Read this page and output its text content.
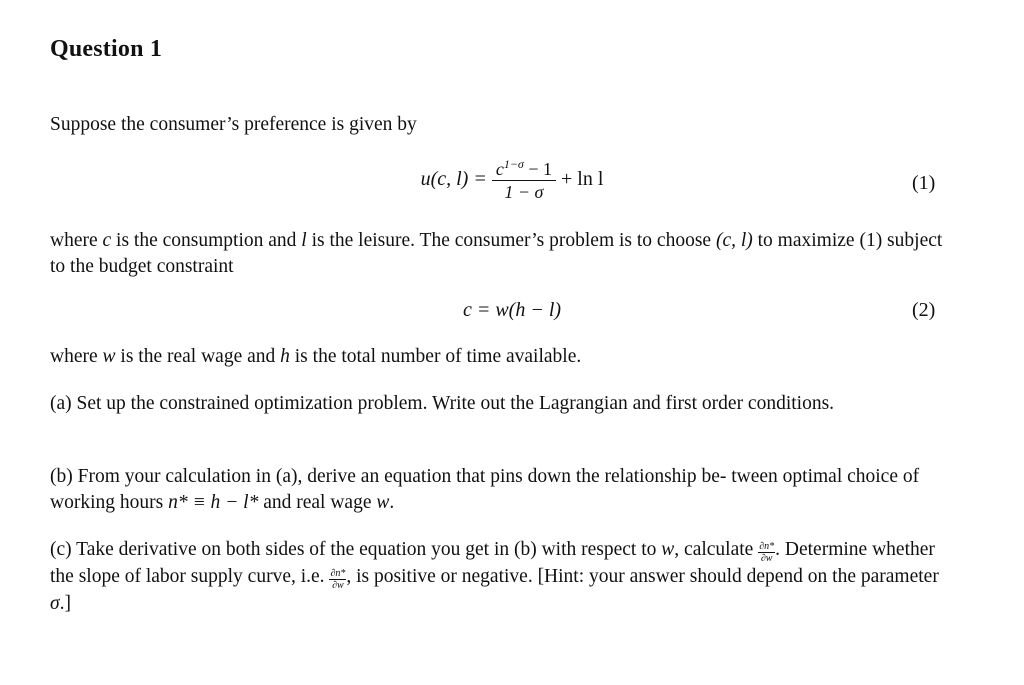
Question 1
Suppose the consumer’s preference is given by
u(c, $l) = \frac{c^{1-\sigma} - 1}{1 - \sigma} + \ln l$	(1)
where c is the consumption and l is the leisure. The consumer’s problem is to choose (c, l) to maximize (1) subject to the budget constraint
c = w(h − l)	(2)
where w is the real wage and h is the total number of time available.
(a) Set up the constrained optimization problem. Write out the Lagrangian and first order conditions.
(b) From your calculation in (a), derive an equation that pins down the relationship be- tween optimal choice of working hours n* ≡ h − l* and real wage w.
(c) Take derivative on both sides of the equation you get in (b) with respect to w, calculate $\frac{\partial n*}{\partial w}$ . Determine whether the slope of labor supply curve, i.e. $\frac{\partial n*}{\partial w}$ , is positive or negative. [Hint: your answer should depend on the parameter σ.]
